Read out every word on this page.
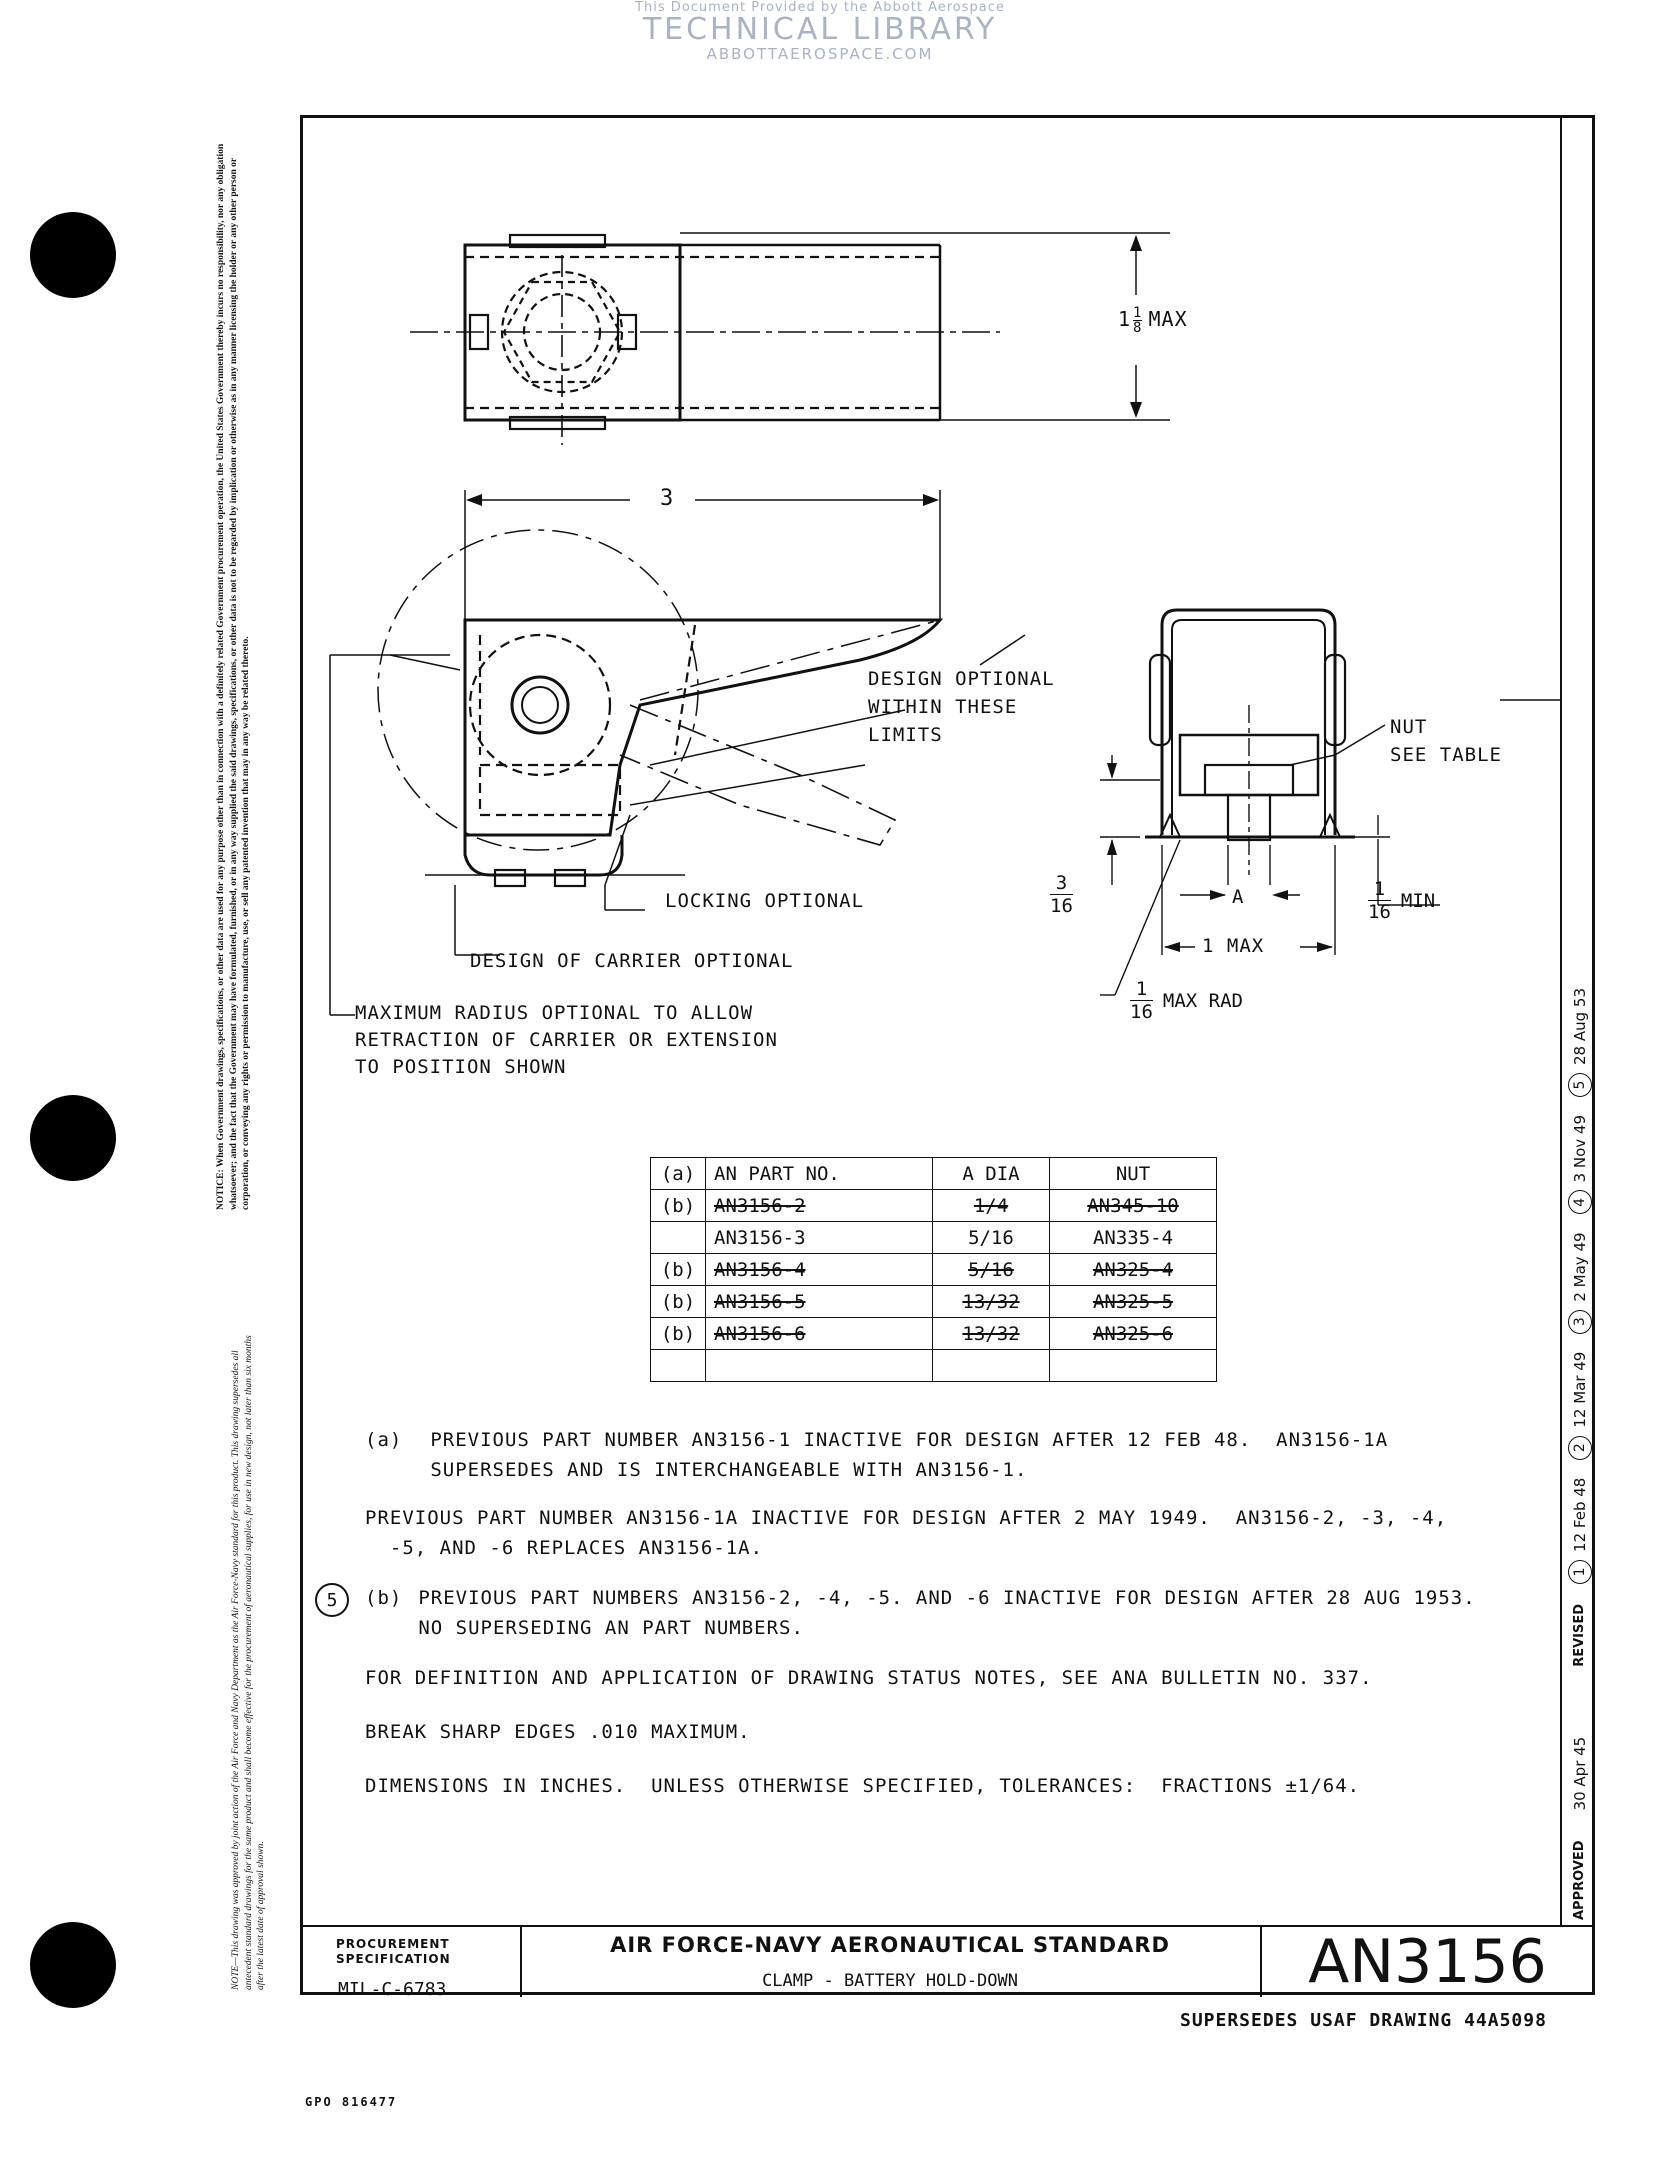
This Document Provided by the Abbott Aerospace
TECHNICAL LIBRARY
ABBOTTAEROSPACE.COM
NOTICE: When Government drawings, specifications, or other data are used for any purpose other than in connection with a definitely related Government procurement operation, the United States Government thereby incurs no responsibility, nor any obligation whatsoever; and the fact that the Government may have formulated, furnished, or in any way supplied the said drawings, specifications, or other data is not to be regarded by implication or otherwise as in any manner licensing the holder or any other person or corporation, or conveying any rights or permission to manufacture, use, or sell any patented invention that may in any way be related thereto.
NOTE—This drawing was approved by joint action of the Air Force and Navy Department as the Air Force-Navy standard for this product. This drawing supersedes all antecedent standard drawings for the same product and shall become effective for the procurement of aeronautical supplies, for use in new design, not later than six months after the latest date of approval shown.	APPROVED
30 Apr 45
REVISED
1
12 Feb 48
2
12 Mar 49
3
2 May 49
4
3 Nov 49
5
28 Aug 53
$1 \frac{1}{8}$ MAX
3
DESIGN OPTIONAL
WITHIN THESE
LIMITS
LOCKING OPTIONAL
DESIGN OF CARRIER OPTIONAL
MAXIMUM RADIUS OPTIONAL TO ALLOW
RETRACTION OF CARRIER OR EXTENSION
TO POSITION SHOWN
NUT
SEE TABLE
A
1 MAX
$\frac{3}{16}$	$\frac{1}{16}$ MIN
$\frac{1}{16}$ MAX RAD
(a)	AN PART NO.	A DIA	NUT
(b)	AN3156-2	1/4	AN345-10
	AN3156-3	5/16	AN335-4
(b)	AN3156-4	5/16	AN325-4
(b)	AN3156-5	13/32	AN325-5
(b)	AN3156-6	13/32	AN325-6

(a) PREVIOUS PART NUMBER AN3156-1 INACTIVE FOR DESIGN AFTER 12 FEB 48.  AN3156-1A
SUPERSEDES AND IS INTERCHANGEABLE WITH AN3156-1.
PREVIOUS PART NUMBER AN3156-1A INACTIVE FOR DESIGN AFTER 2 MAY 1949.  AN3156-2, -3, -4,
-5, AND -6 REPLACES AN3156-1A.
5	(b) PREVIOUS PART NUMBERS AN3156-2, -4, -5. AND -6 INACTIVE FOR DESIGN AFTER 28 AUG 1953.
NO SUPERSEDING AN PART NUMBERS.
FOR DEFINITION AND APPLICATION OF DRAWING STATUS NOTES, SEE ANA BULLETIN NO. 337.
BREAK SHARP EDGES .010 MAXIMUM.
DIMENSIONS IN INCHES.  UNLESS OTHERWISE SPECIFIED, TOLERANCES:  FRACTIONS ±1/64.
PROCUREMENT
SPECIFICATION
MIL-C-6783
AIR FORCE-NAVY AERONAUTICAL STANDARD
CLAMP - BATTERY HOLD-DOWN	AN3156
SUPERSEDES USAF DRAWING 44A5098
GPO 816477
